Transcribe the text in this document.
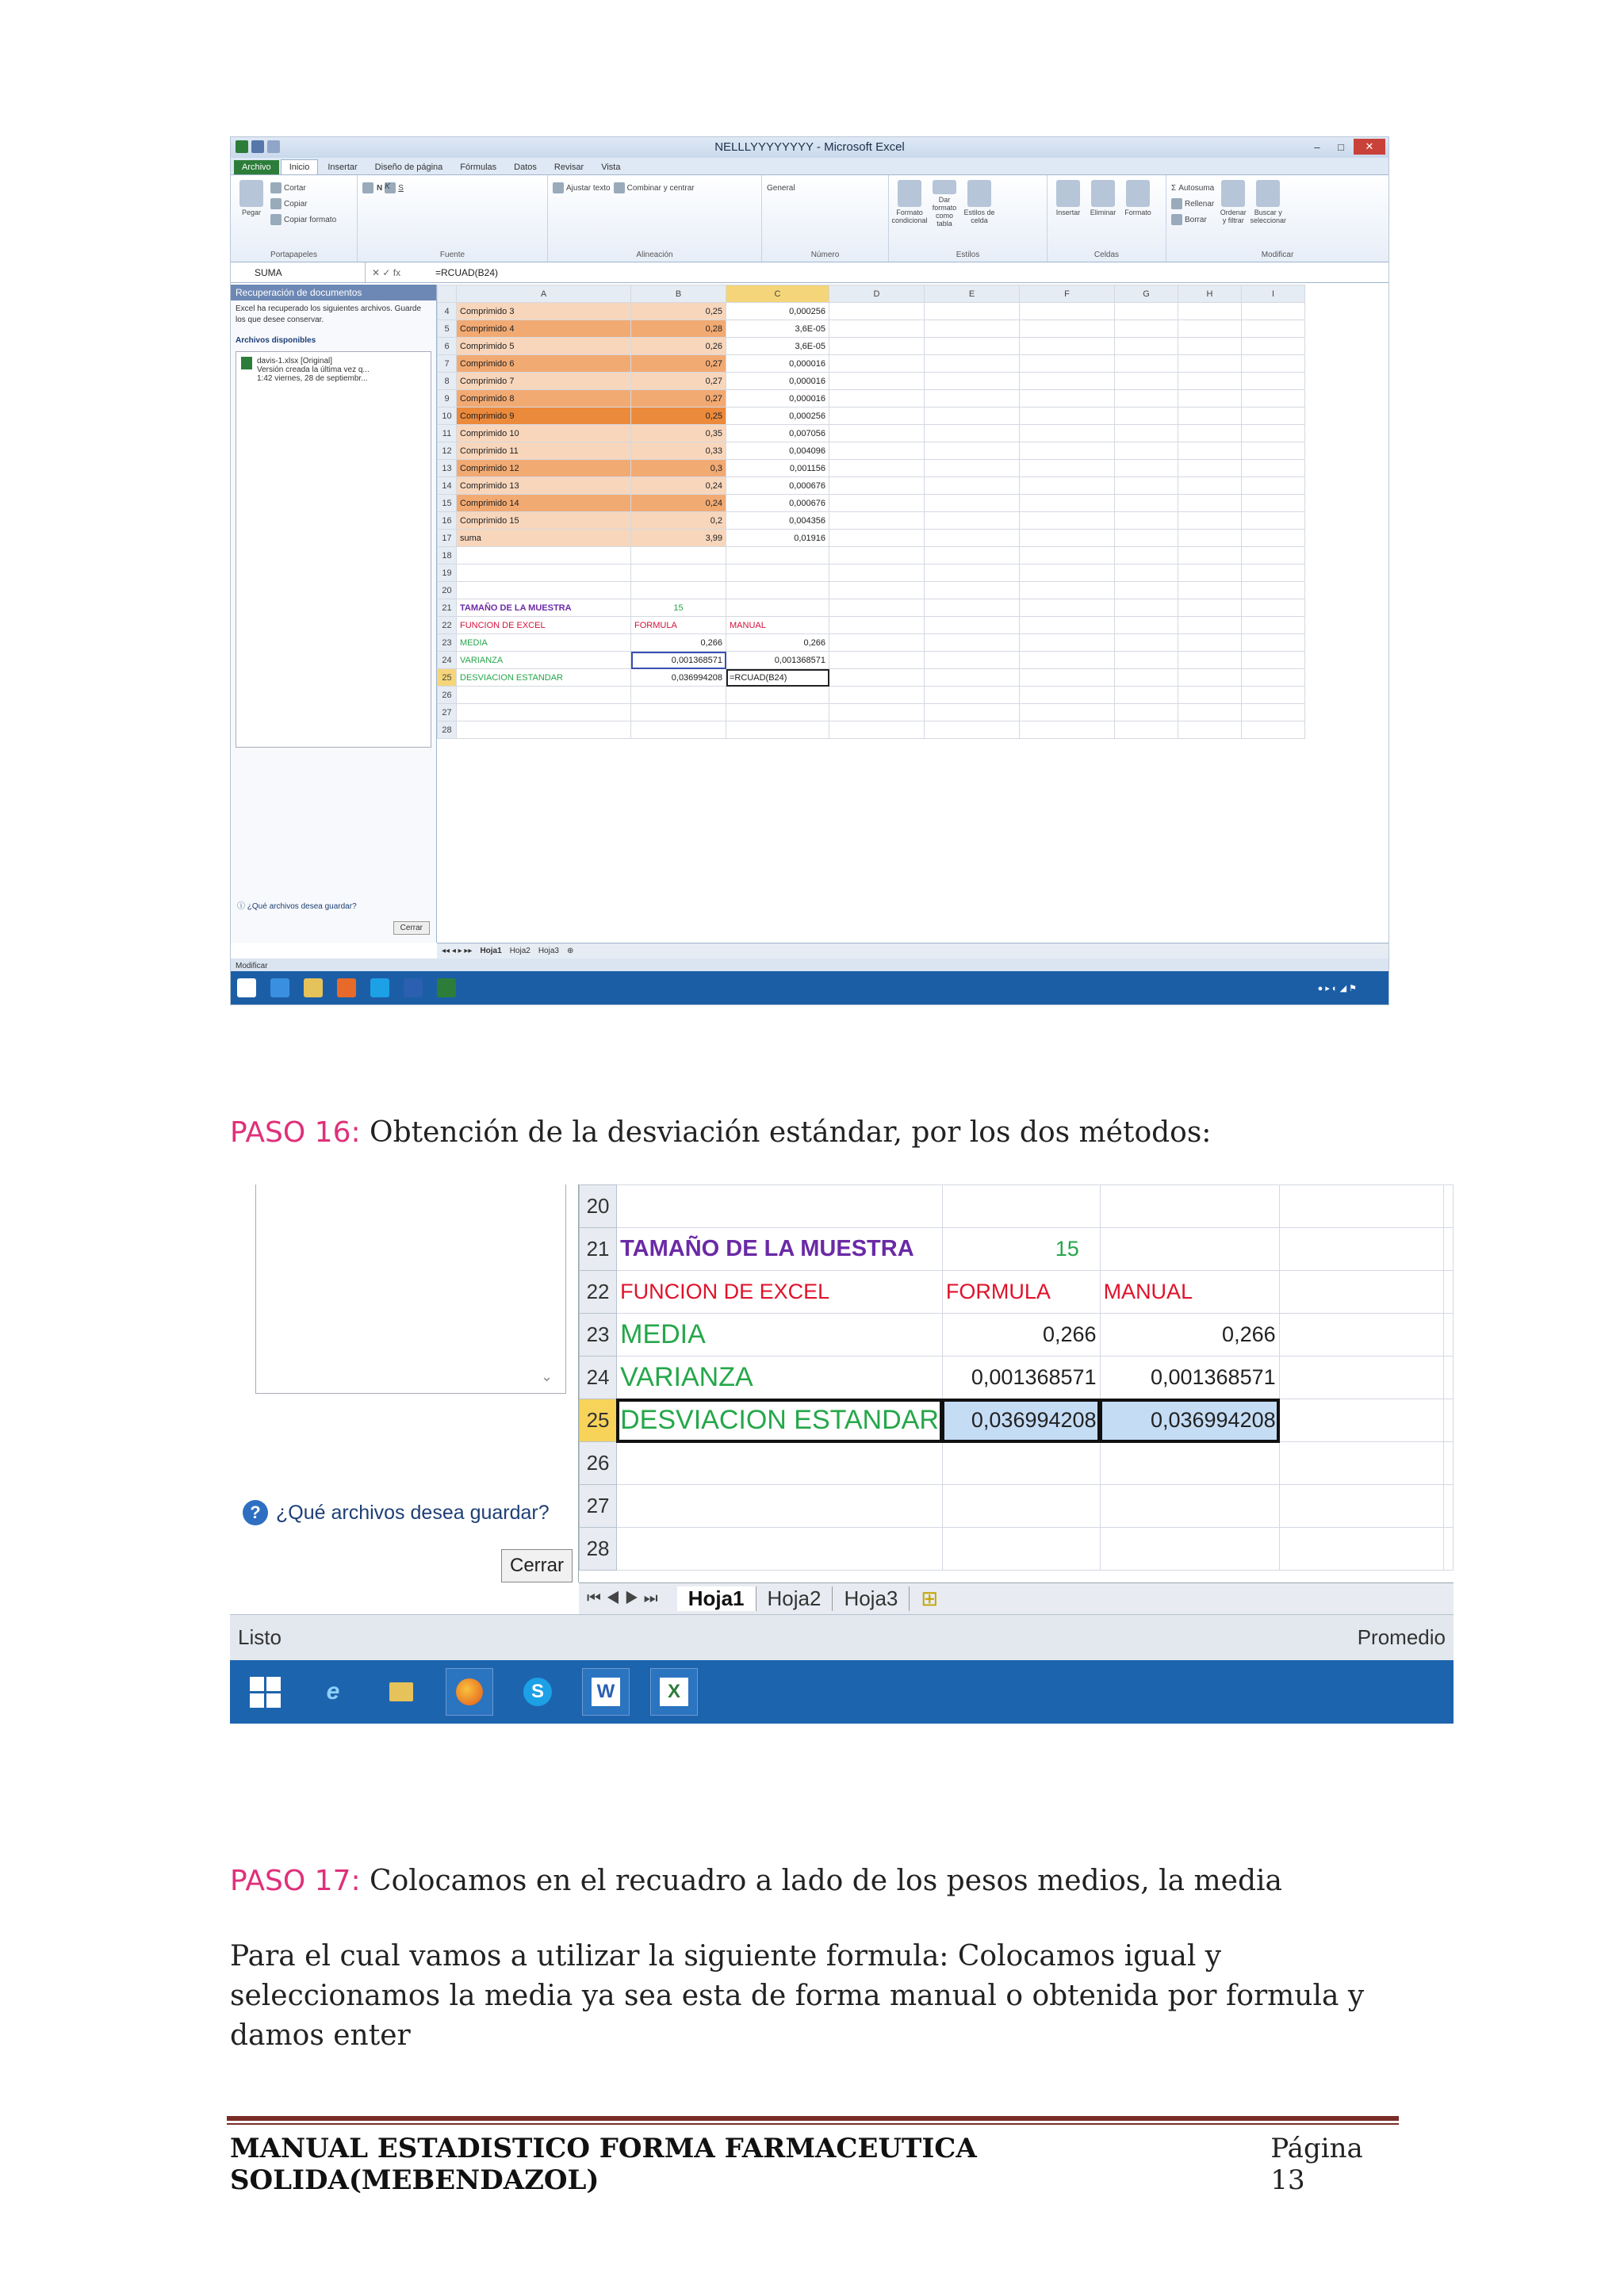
NELLLYYYYYYYY - Microsoft Excel	–	□	✕
Archivo	Inicio	Insertar	Diseño de página	Fórmulas	Datos	Revisar	Vista
Pegar
Cortar
Copiar
Copiar formato
Portapapeles
N K	S
Fuente
Ajustar texto Combinar y centrar
Alineación
General
Número
Formato condicional
Dar formato como tabla
Estilos de celda
Estilos
Insertar Eliminar Formato
Celdas
Σ Autosuma
Rellenar
Borrar
Ordenar y filtrar
Buscar y seleccionar
Modificar
SUMA	✕ ✓ fx	=RCUAD(B24)
Recuperación de documentos

Excel ha recuperado los siguientes archivos. Guarde los que desee conservar.

Archivos disponibles
davis-1.xlsx [Original]
Versión creada la última vez q...
1:42 viernes, 28 de septiembr...
ⓘ ¿Qué archivos desea guardar?
Cerrar
	A	B	C	D	E	F	G	H	I
4	Comprimido 3	0,25	0,000256						
5	Comprimido 4	0,28	3,6E-05						
6	Comprimido 5	0,26	3,6E-05						
7	Comprimido 6	0,27	0,000016						
8	Comprimido 7	0,27	0,000016						
9	Comprimido 8	0,27	0,000016						
10	Comprimido 9	0,25	0,000256						
11	Comprimido 10	0,35	0,007056						
12	Comprimido 11	0,33	0,004096						
13	Comprimido 12	0,3	0,001156						
14	Comprimido 13	0,24	0,000676						
15	Comprimido 14	0,24	0,000676						
16	Comprimido 15	0,2	0,004356						
17	suma	3,99	0,01916						
18									
19									
20									
21	TAMAÑO DE LA MUESTRA	15							
22	FUNCION DE EXCEL	FORMULA	MANUAL						
23	MEDIA	0,266	0,266						
24	VARIANZA	0,001368571	0,001368571						
25	DESVIACION ESTANDAR	0,036994208	=RCUAD(B24)						
26									
27									
28									
◂◂ ◂ ▸ ▸▸ Hoja1 Hoja2 Hoja3 ⊕
Modificar
● ▸ ◐ ◢ ⚑
PASO 16: Obtención de la desviación estándar, por los dos métodos:
⌄
? ¿Qué archivos desea guardar?
Cerrar
20					
21	TAMAÑO DE LA MUESTRA	15			
22	FUNCION DE EXCEL	FORMULA	MANUAL		
23	MEDIA	0,266	0,266		
24	VARIANZA	0,001368571	0,001368571		
25	DESVIACION ESTANDAR	0,036994208	0,036994208		
26					
27					
28					
⏮◀▶⏭	Hoja1	Hoja2	Hoja3	⊞
Listo	Promedio
e	S	W	X
PASO 17: Colocamos en el recuadro a lado de los pesos medios, la media
Para el cual vamos a utilizar la siguiente formula: Colocamos igual y seleccionamos la media ya sea esta de forma manual o obtenida por formula y damos enter
MANUAL ESTADISTICO FORMA FARMACEUTICA SOLIDA(MEBENDAZOL)
Página 13
